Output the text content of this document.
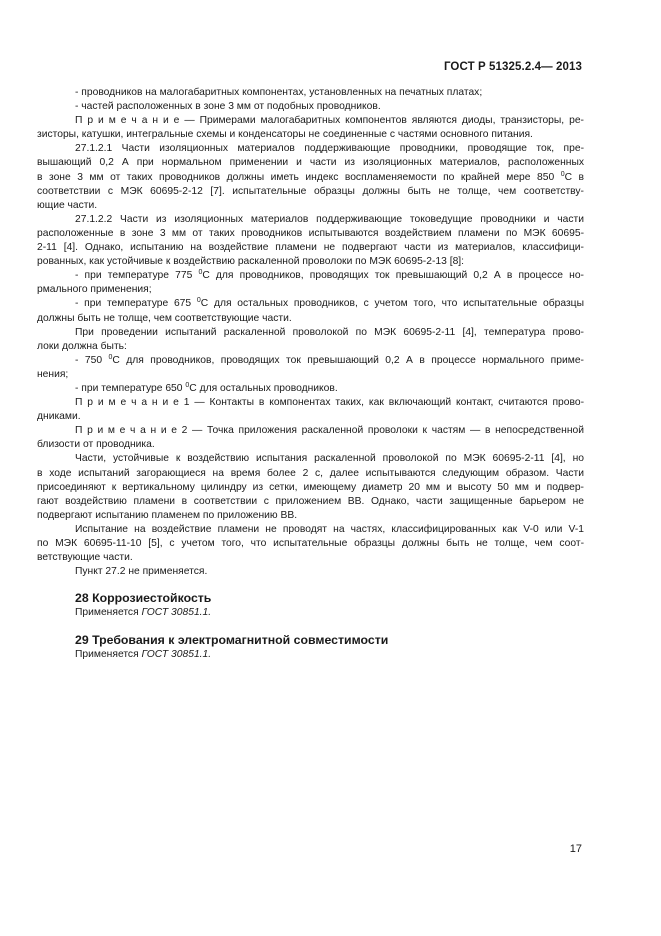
ГОСТ Р 51325.2.4— 2013

- проводников на малогабаритных компонентах, установленных на печатных платах;
- частей расположенных в зоне 3 мм от подобных проводников.

П р и м е ч а н и е — Примерами малогабаритных компонентов являются диоды, транзисторы, ре-
зисторы, катушки, интегральные схемы и конденсаторы не соединенные с частями основного питания.

27.1.2.1 Части изоляционных материалов поддерживающие проводники, проводящие ток, пре-
вышающий 0,2 А при нормальном применении и части из изоляционных материалов, расположенных
в зоне 3 мм от таких проводников должны иметь индекс воспламеняемости по крайней мере 850 $^0$C в
соответствии с МЭК 60695-2-12 [7]. испытательные образцы должны быть не толще, чем соответству-
ющие части.

27.1.2.2 Части из изоляционных материалов поддерживающие токоведущие проводники и части
расположенные в зоне 3 мм от таких проводников испытываются воздействием пламени по МЭК 60695-
2-11 [4]. Однако, испытанию на воздействие пламени не подвергают части из материалов, классифици-
рованных, как устойчивые к воздействию раскаленной проволоки по МЭК 60695-2-13 [8]:
- при температуре 775 $^0$C для проводников, проводящих ток превышающий 0,2 А в процессе но-
рмального применения;
- при температуре 675 $^0$C для остальных проводников, с учетом того, что испытательные образцы
должны быть не толще, чем соответствующие части.

При проведении испытаний раскаленной проволокой по МЭК 60695-2-11 [4], температура прово-
локи должна быть:
- 750 $^0$C для проводников, проводящих ток превышающий 0,2 А в процессе нормального приме-
нения;
- при температуре 650 $^0$C для остальных проводников.

П р и м е ч а н и е 1 — Контакты в компонентах таких, как включающий контакт, считаются прово-
дниками.

П р и м е ч а н и е 2 — Точка приложения раскаленной проволоки к частям — в непосредственной
близости от проводника.

Части, устойчивые к воздействию испытания раскаленной проволокой по МЭК 60695-2-11 [4], но
в ходе испытаний загорающиеся на время более 2 с, далее испытываются следующим образом. Части
присоединяют к вертикальному цилиндру из сетки, имеющему диаметр 20 мм и высоту 50 мм и подвер-
гают воздействию пламени в соответствии с приложением ВВ. Однако, части защищенные барьером не
подвергают испытанию пламенем по приложению ВВ.

Испытание на воздействие пламени не проводят на частях, классифицированных как V-0 или V-1
по МЭК 60695-11-10 [5], с учетом того, что испытательные образцы должны быть не толще, чем соот-
ветствующие части.

Пункт 27.2 не применяется.

28 Коррозиестойкость

Применяется ГОСТ 30851.1.

29 Требования к электромагнитной совместимости

Применяется ГОСТ 30851.1.

17
